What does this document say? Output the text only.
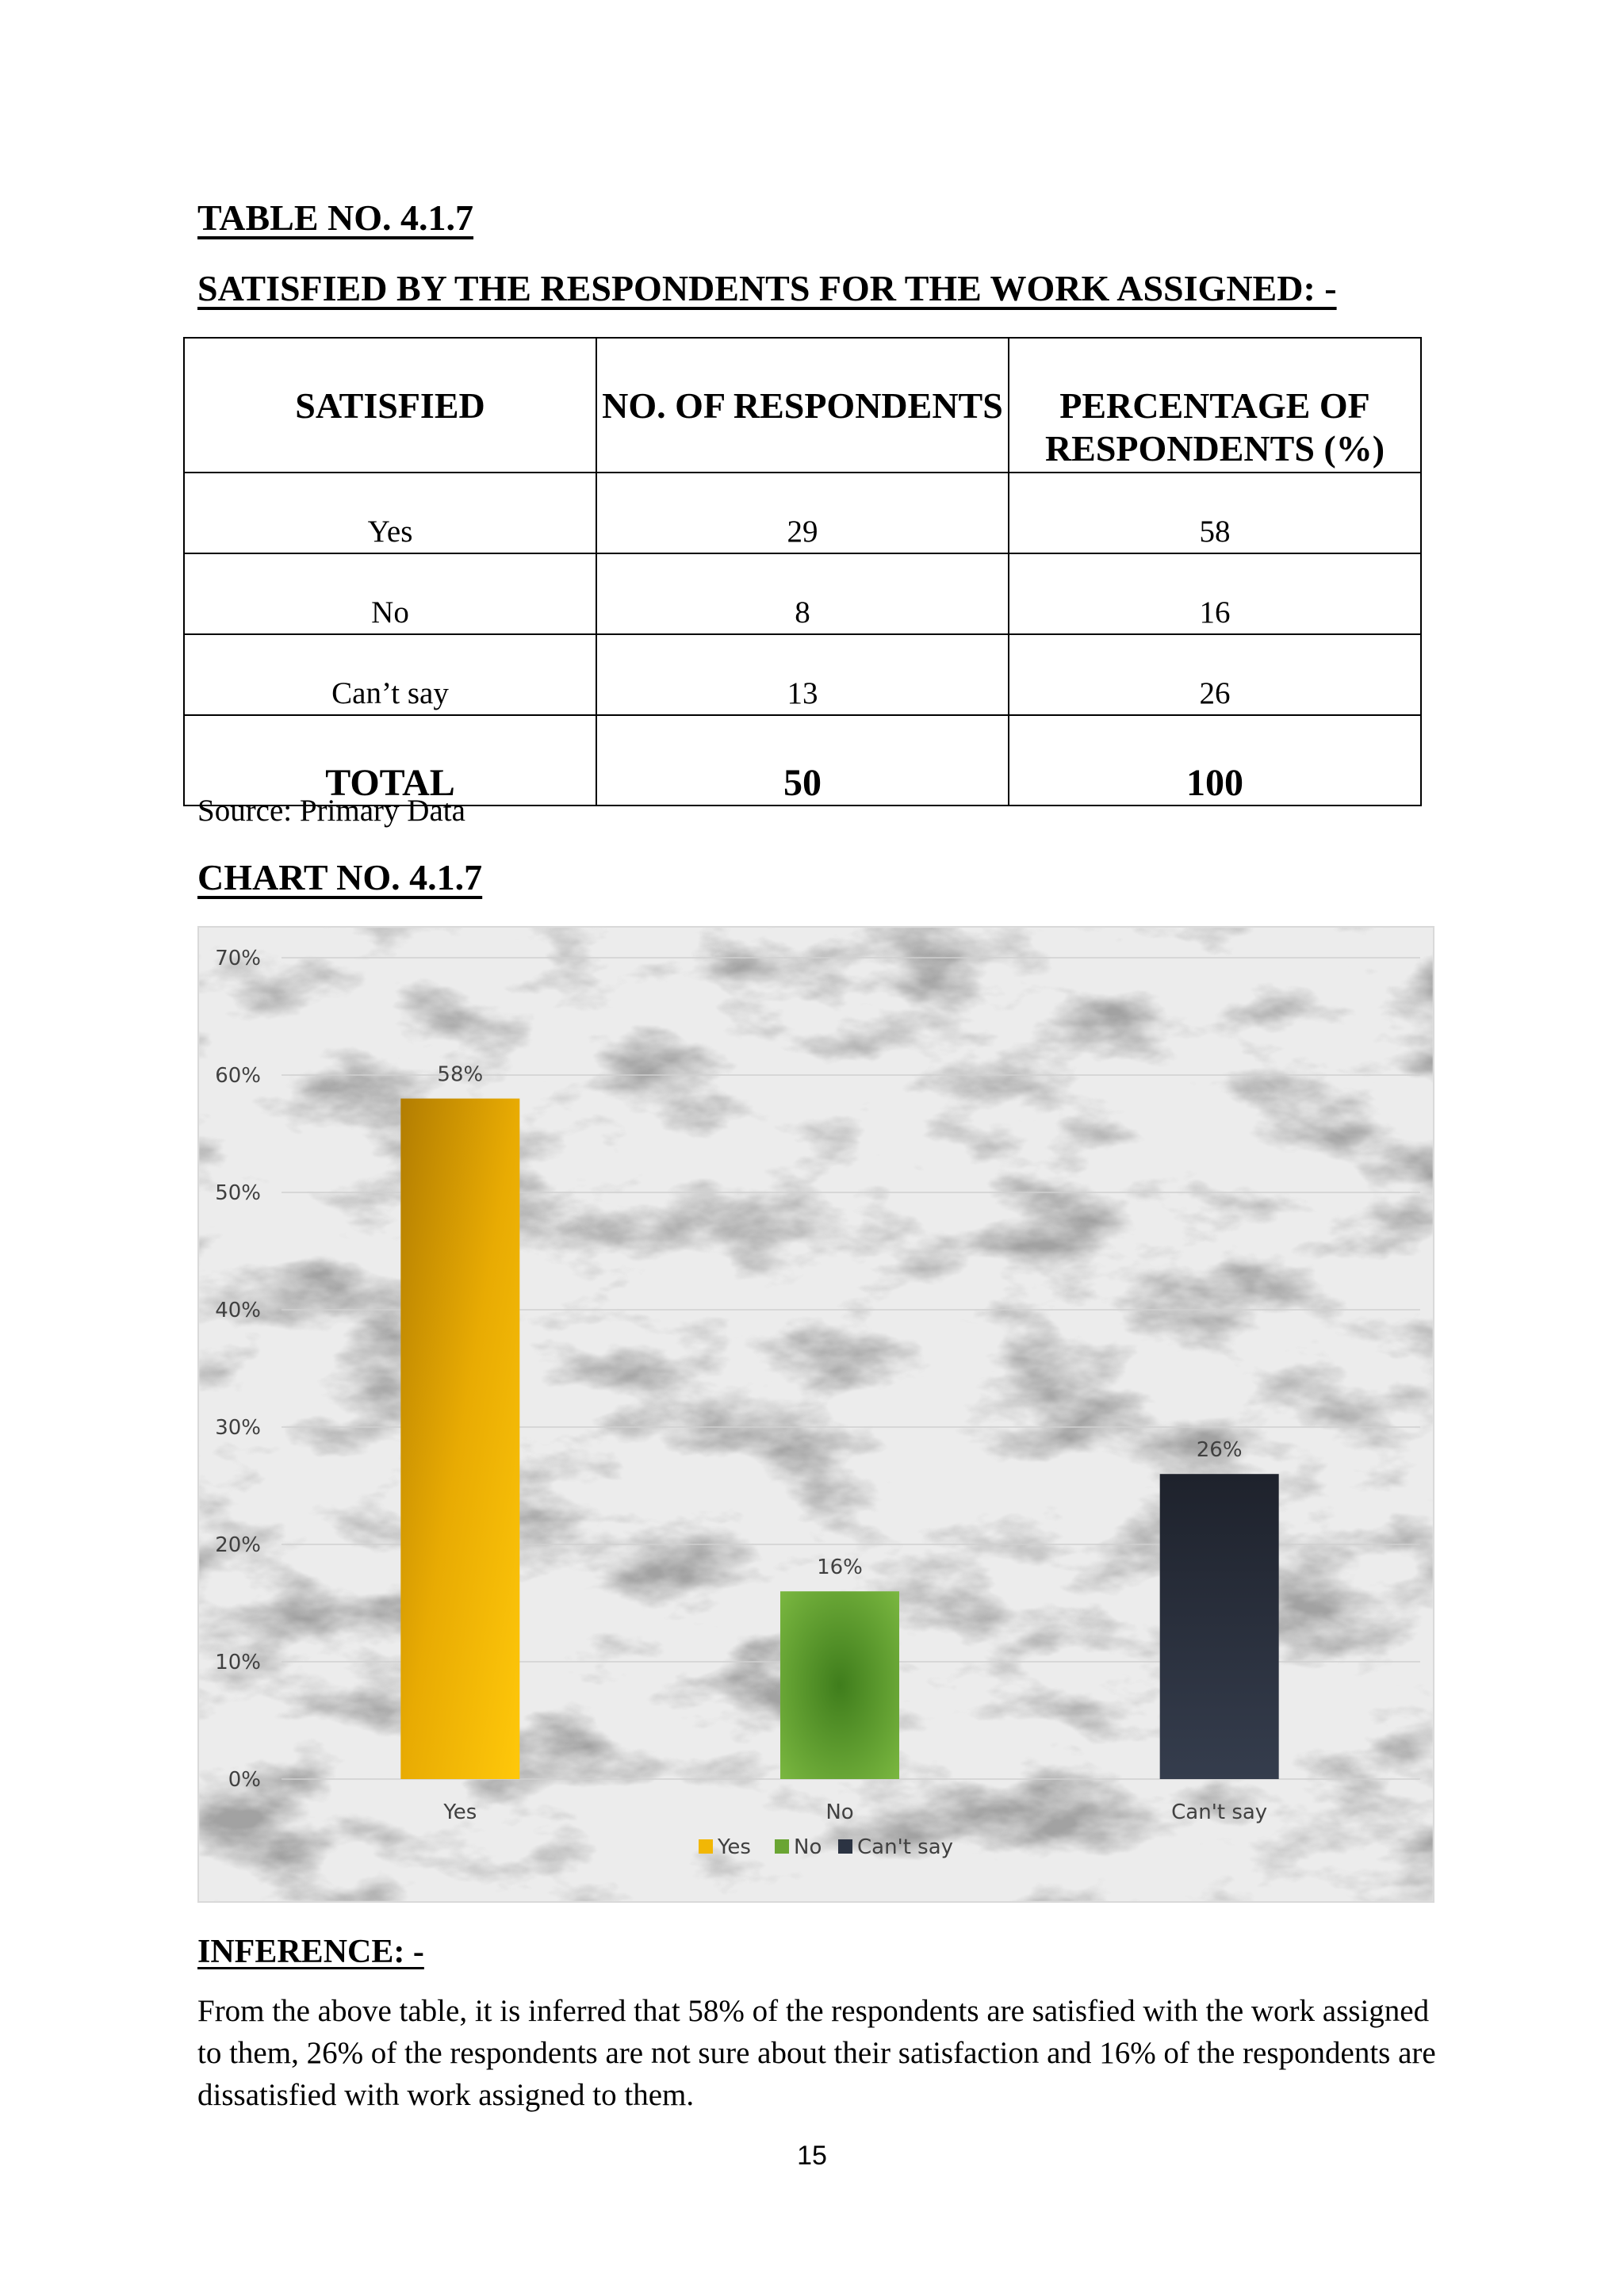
TABLE NO. 4.1.7
SATISFIED BY THE RESPONDENTS FOR THE WORK ASSIGNED: -
SATISFIED	NO. OF RESPONDENTS	PERCENTAGE OF RESPONDENTS (%)
Yes	29	58
No	8	16
Can’t say	13	26
TOTAL	50	100
Source: Primary Data
CHART NO. 4.1.7
0%
10%
20%
30%
40%
50%
60%
70%
58%
16%
26%
Yes	No	Can't say
Yes No Can't say
INFERENCE: -

From the above table, it is inferred that 58% of the respondents are satisfied with the work assigned to them, 26% of the respondents are not sure about their satisfaction and 16% of the respondents are dissatisfied with work assigned to them.

15
